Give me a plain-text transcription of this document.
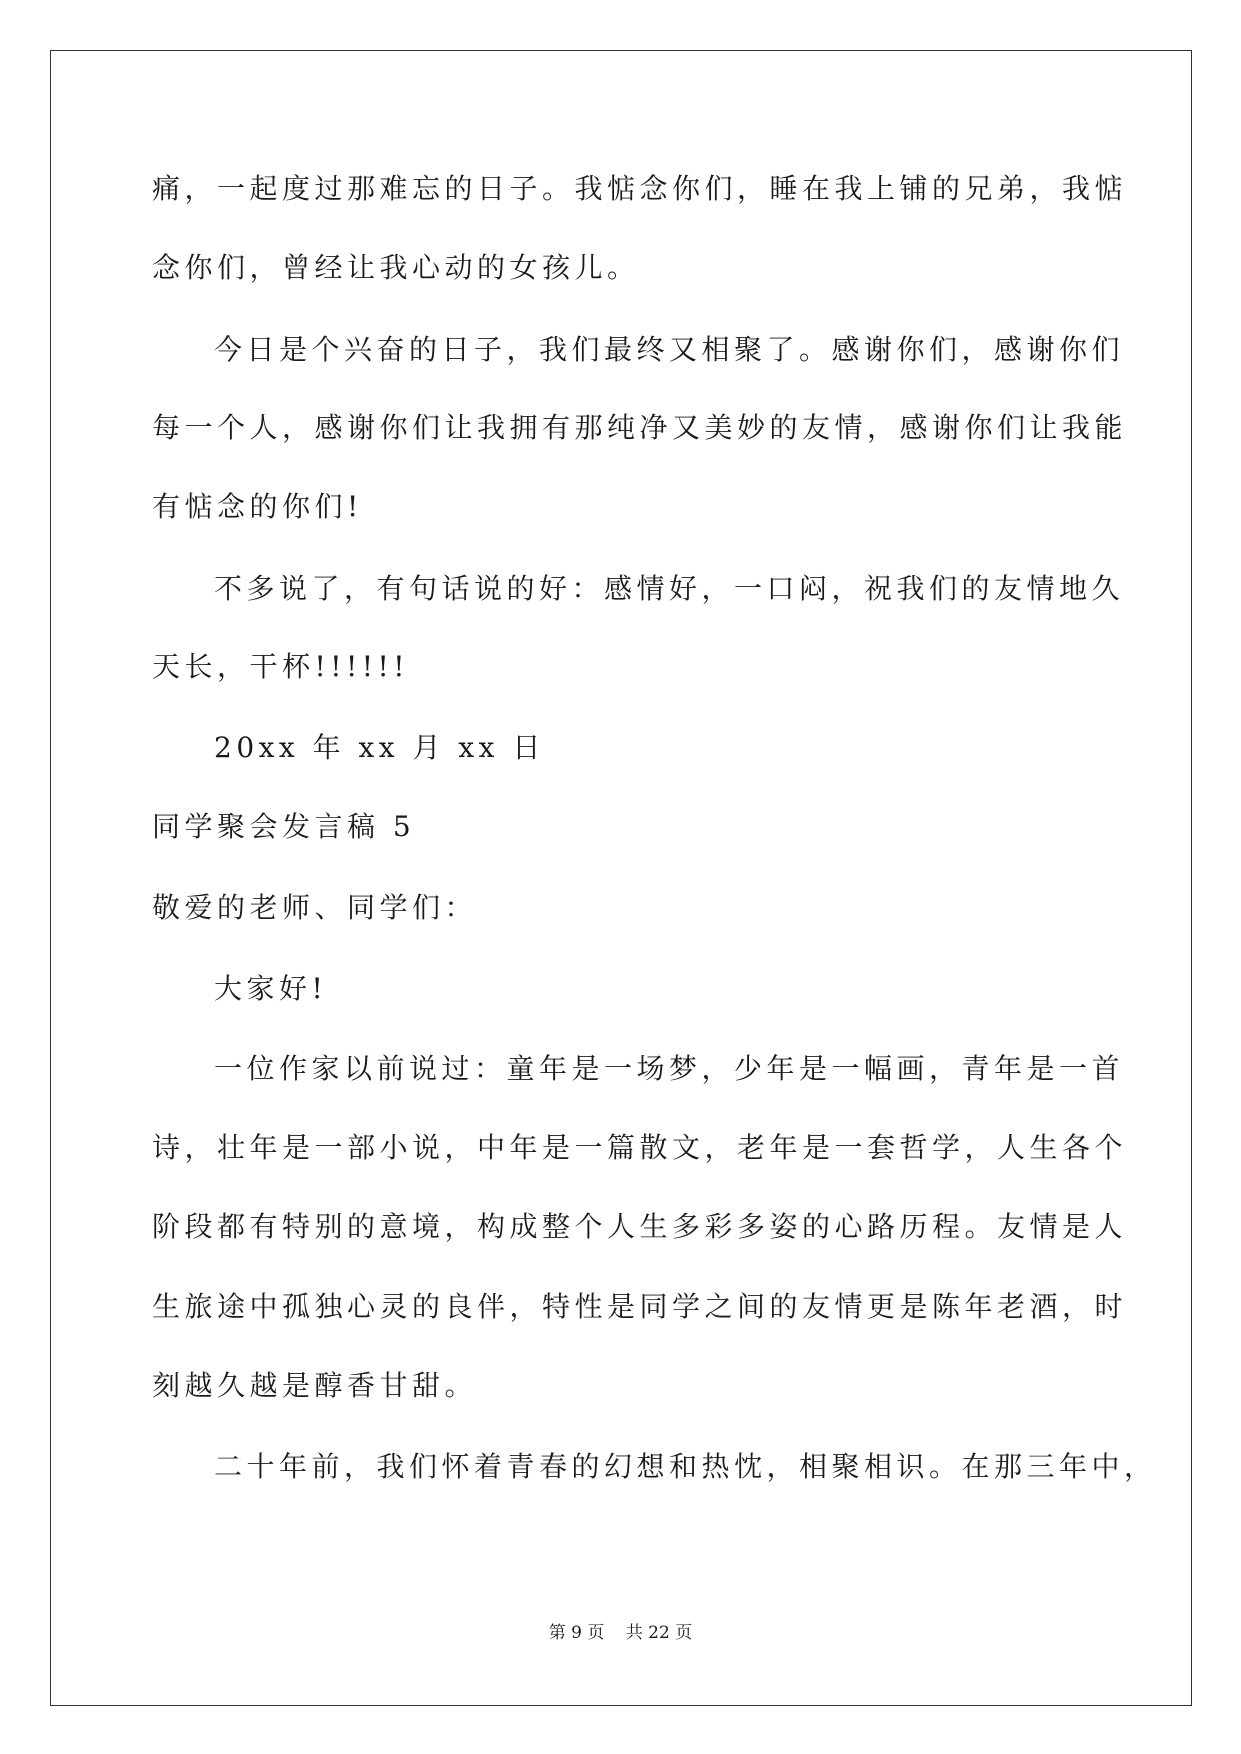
痛，一起度过那难忘的日子。我惦念你们，睡在我上铺的兄弟，我惦

念你们，曾经让我心动的女孩儿。

今日是个兴奋的日子，我们最终又相聚了。感谢你们，感谢你们

每一个人，感谢你们让我拥有那纯净又美妙的友情，感谢你们让我能

有惦念的你们!

不多说了，有句话说的好：感情好，一口闷，祝我们的友情地久

天长，干杯!!!!!!

20xx 年 xx 月 xx 日

同学聚会发言稿 5

敬爱的老师、同学们：

大家好!

一位作家以前说过：童年是一场梦，少年是一幅画，青年是一首

诗，壮年是一部小说，中年是一篇散文，老年是一套哲学，人生各个

阶段都有特别的意境，构成整个人生多彩多姿的心路历程。友情是人

生旅途中孤独心灵的良伴，特性是同学之间的友情更是陈年老酒，时

刻越久越是醇香甘甜。

二十年前，我们怀着青春的幻想和热忱，相聚相识。在那三年中，

第 9 页 共 22 页
